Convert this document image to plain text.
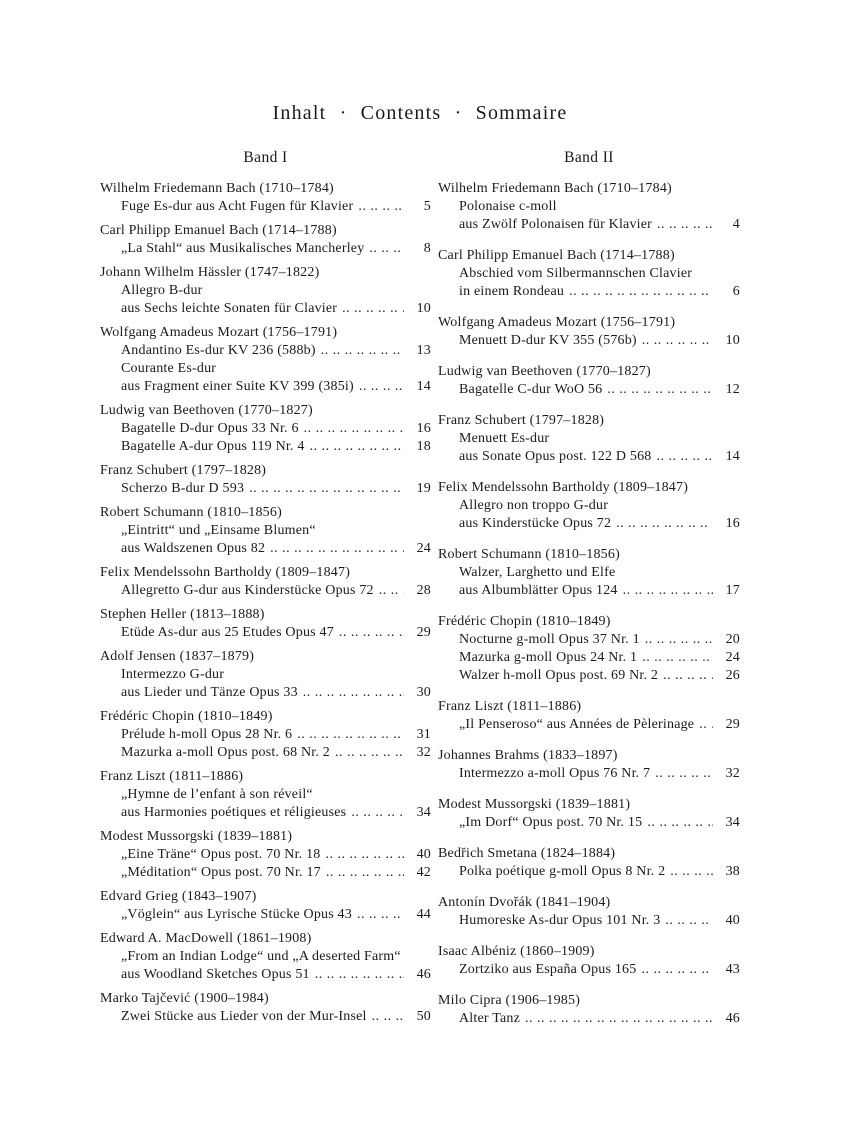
Inhalt · Contents · Sommaire
Band I
Wilhelm Friedemann Bach (1710–1784)
Fuge Es-dur aus Acht Fugen für Klavier .. ..	5
Carl Philipp Emanuel Bach (1714–1788)
„La Stahl“ aus Musikalisches Mancherley .. ..	8
Johann Wilhelm Hässler (1747–1822)
Allegro B-dur
aus Sechs leichte Sonaten für Clavier .. ..	10
Wolfgang Amadeus Mozart (1756–1791)
Andantino Es-dur KV 236 (588b) .. ..	13
Courante Es-dur
aus Fragment einer Suite KV 399 (385i) .. ..	14
Ludwig van Beethoven (1770–1827)
Bagatelle D-dur Opus 33 Nr. 6 .. ..	16
Bagatelle A-dur Opus 119 Nr. 4 .. ..	18
Franz Schubert (1797–1828)
Scherzo B-dur D 593 .. ..	19
Robert Schumann (1810–1856)
„Eintritt“ und „Einsame Blumen“
aus Waldszenen Opus 82 .. ..	24
Felix Mendelssohn Bartholdy (1809–1847)
Allegretto G-dur aus Kinderstücke Opus 72 .. ..	28
Stephen Heller (1813–1888)
Etüde As-dur aus 25 Etudes Opus 47 .. ..	29
Adolf Jensen (1837–1879)
Intermezzo G-dur
aus Lieder und Tänze Opus 33 .. ..	30
Frédéric Chopin (1810–1849)
Prélude h-moll Opus 28 Nr. 6 .. ..	31
Mazurka a-moll Opus post. 68 Nr. 2 .. ..	32
Franz Liszt (1811–1886)
„Hymne de l’enfant à son réveil“
aus Harmonies poétiques et réligieuses .. ..	34
Modest Mussorgski (1839–1881)
„Eine Träne“ Opus post. 70 Nr. 18 .. ..	40
„Méditation“ Opus post. 70 Nr. 17 .. ..	42
Edvard Grieg (1843–1907)
„Vöglein“ aus Lyrische Stücke Opus 43 .. ..	44
Edward A. MacDowell (1861–1908)
„From an Indian Lodge“ und „A deserted Farm“
aus Woodland Sketches Opus 51 .. ..	46
Marko Tajčević (1900–1984)
Zwei Stücke aus Lieder von der Mur-Insel .. ..	50
Band II
Wilhelm Friedemann Bach (1710–1784)
Polonaise c-moll
aus Zwölf Polonaisen für Klavier .. ..	4
Carl Philipp Emanuel Bach (1714–1788)
Abschied vom Silbermannschen Clavier
in einem Rondeau .. ..	6
Wolfgang Amadeus Mozart (1756–1791)
Menuett D-dur KV 355 (576b) .. ..	10
Ludwig van Beethoven (1770–1827)
Bagatelle C-dur WoO 56 .. ..	12
Franz Schubert (1797–1828)
Menuett Es-dur
aus Sonate Opus post. 122 D 568 .. ..	14
Felix Mendelssohn Bartholdy (1809–1847)
Allegro non troppo G-dur
aus Kinderstücke Opus 72 .. ..	16
Robert Schumann (1810–1856)
Walzer, Larghetto und Elfe
aus Albumblätter Opus 124 .. ..	17
Frédéric Chopin (1810–1849)
Nocturne g-moll Opus 37 Nr. 1 .. ..	20
Mazurka g-moll Opus 24 Nr. 1 .. ..	24
Walzer h-moll Opus post. 69 Nr. 2 .. ..	26
Franz Liszt (1811–1886)
„Il Penseroso“ aus Années de Pèlerinage .. ..	29
Johannes Brahms (1833–1897)
Intermezzo a-moll Opus 76 Nr. 7 .. ..	32
Modest Mussorgski (1839–1881)
„Im Dorf“ Opus post. 70 Nr. 15 .. ..	34
Bedřich Smetana (1824–1884)
Polka poétique g-moll Opus 8 Nr. 2 .. ..	38
Antonín Dvořák (1841–1904)
Humoreske As-dur Opus 101 Nr. 3 .. ..	40
Isaac Albéniz (1860–1909)
Zortziko aus España Opus 165 .. ..	43
Milo Cipra (1906–1985)
Alter Tanz .. ..	46
